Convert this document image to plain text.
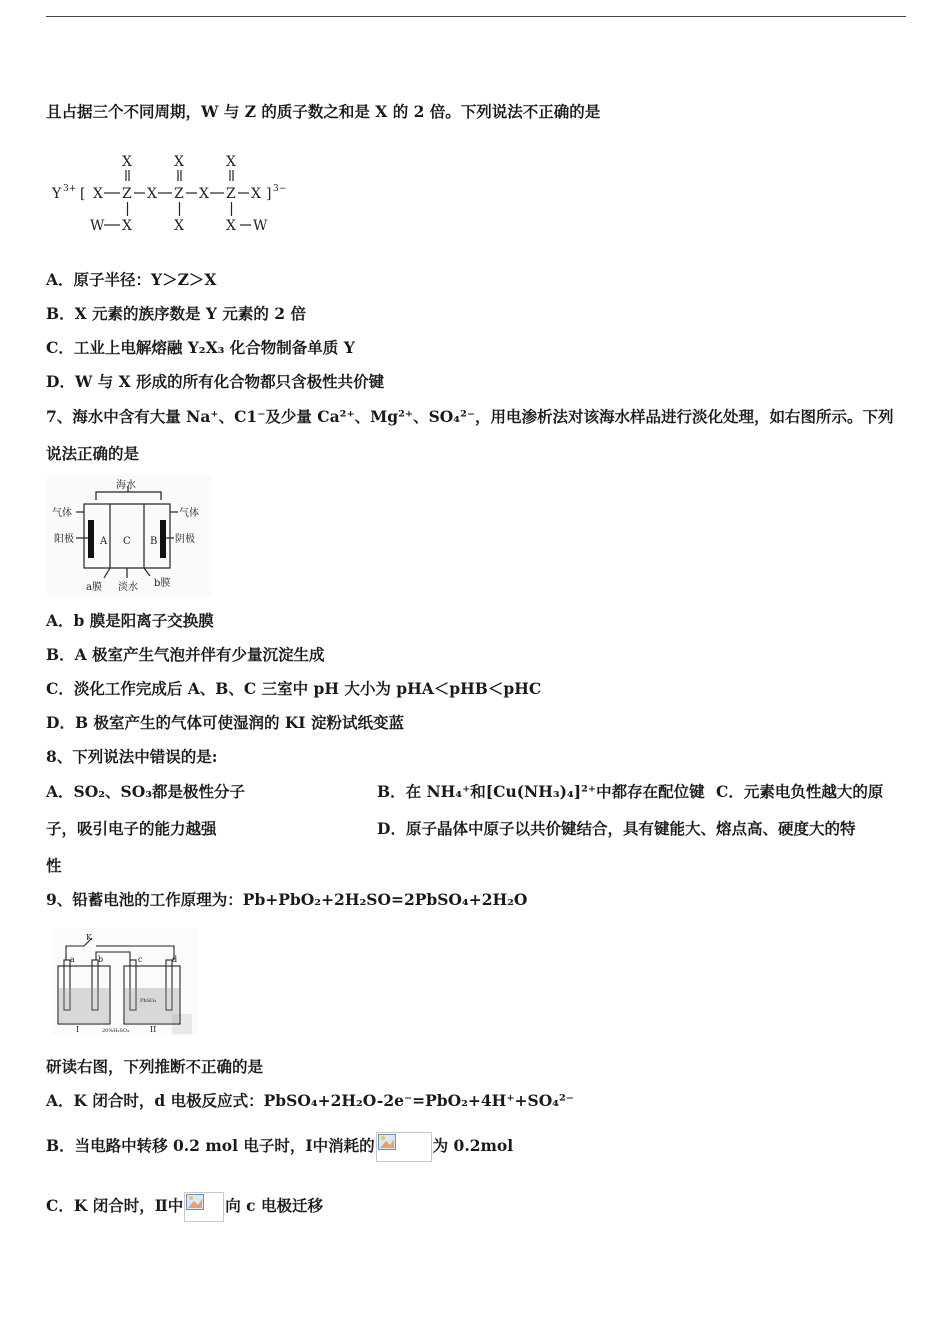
且占据三个不同周期，W 与 Z 的质子数之和是 X 的 2 倍。下列说法不正确的是
Y 3+ [ X Z X Z X Z X ] 3−
X	X	X
W X	X	X W
A．原子半径：Y＞Z＞X
B．X 元素的族序数是 Y 元素的 2 倍
C．工业上电解熔融 Y₂X₃ 化合物制备单质 Y
D．W 与 X 形成的所有化合物都只含极性共价键
7、海水中含有大量 Na⁺、C1⁻及少量 Ca²⁺、Mg²⁺、SO₄²⁻，用电渗析法对该海水样品进行淡化处理，如右图所示。下列
说法正确的是
海水
气体	气体
阳极	阴极
A C B
a膜 淡水 b膜
A．b 膜是阳离子交换膜
B．A 极室产生气泡并伴有少量沉淀生成
C．淡化工作完成后 A、B、C 三室中 pH 大小为 pHA＜pHB＜pHC
D．B 极室产生的气体可使湿润的 KI 淀粉试纸变蓝
8、下列说法中错误的是:
A．SO₂、SO₃都是极性分子	B．在 NH₄⁺和[Cu(NH₃)₄]²⁺中都存在配位键 C．元素电负性越大的原
子，吸引电子的能力越强	D．原子晶体中原子以共价键结合，具有键能大、熔点高、硬度大的特
性
9、铅蓄电池的工作原理为：Pb+PbO₂+2H₂SO=2PbSO₄+2H₂O
K
a	b	c	d
I	II
20%H₂SO₄
PbSO₄
研读右图，下列推断不正确的是
A．K 闭合时，d 电极反应式：PbSO₄+2H₂O-2e⁻=PbO₂+4H⁺+SO₄²⁻
B．当电路中转移 0.2 mol 电子时，Ⅰ中消耗的	为 0.2mol
C．K 闭合时，Ⅱ中	向 c 电极迁移
